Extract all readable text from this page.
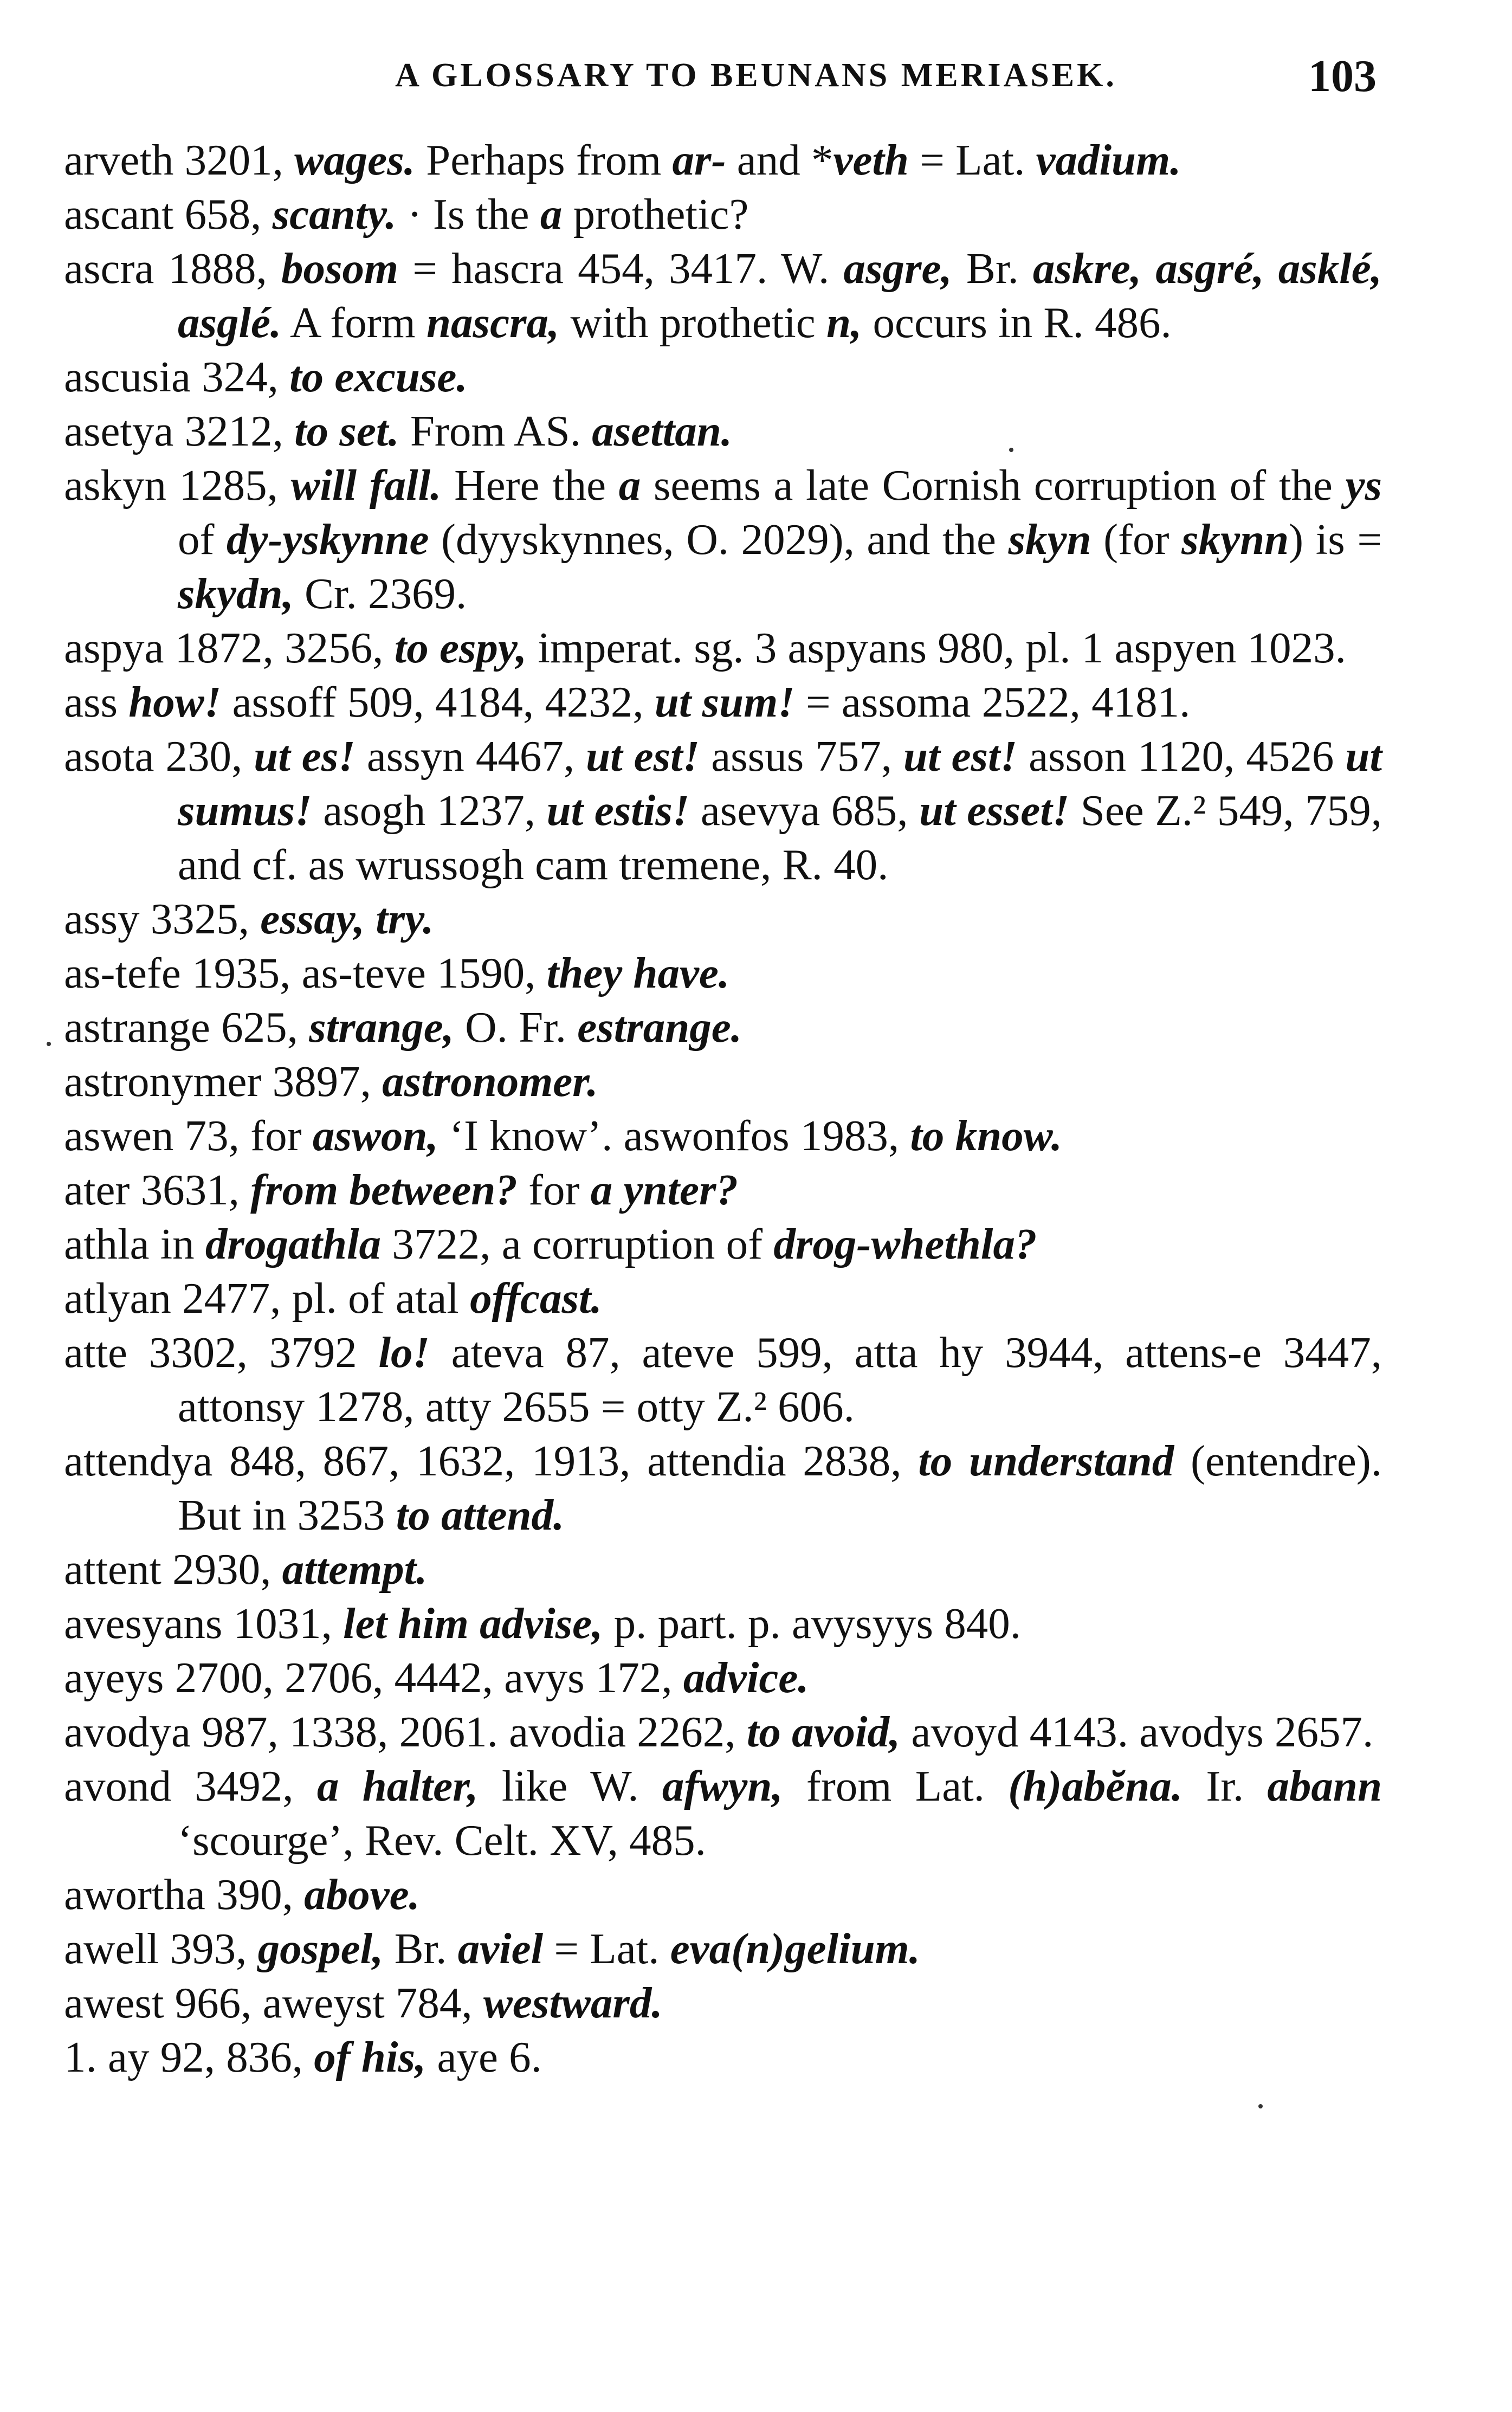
A GLOSSARY TO BEUNANS MERIASEK.	103

arveth 3201, wages. Perhaps from ar- and *veth = Lat. vadium.

ascant 658, scanty. · Is the a prothetic?

ascra 1888, bosom = hascra 454, 3417. W. asgre, Br. askre, asgré, asklé, asglé. A form nascra, with prothetic n, occurs in R. 486.

ascusia 324, to excuse.

asetya 3212, to set. From AS. asettan.

askyn 1285, will fall. Here the a seems a late Cornish corruption of the ys of dy-yskynne (dyyskynnes, O. 2029), and the skyn (for skynn) is = skydn, Cr. 2369.

aspya 1872, 3256, to espy, imperat. sg. 3 aspyans 980, pl. 1 aspyen 1023.

ass how! assoff 509, 4184, 4232, ut sum! = assoma 2522, 4181.

asota 230, ut es! assyn 4467, ut est! assus 757, ut est! asson 1120, 4526 ut sumus! asogh 1237, ut estis! asevya 685, ut esset! See Z.² 549, 759, and cf. as wrussogh cam tremene, R. 40.

assy 3325, essay, try.

as-tefe 1935, as-teve 1590, they have.

astrange 625, strange, O. Fr. estrange.

astronymer 3897, astronomer.

aswen 73, for aswon, ‘I know’. aswonfos 1983, to know.

ater 3631, from between? for a ynter?

athla in drogathla 3722, a corruption of drog-whethla?

atlyan 2477, pl. of atal offcast.

atte 3302, 3792 lo! ateva 87, ateve 599, atta hy 3944, attens-e 3447, attonsy 1278, atty 2655 = otty Z.² 606.

attendya 848, 867, 1632, 1913, attendia 2838, to understand (entendre). But in 3253 to attend.

attent 2930, attempt.

avesyans 1031, let him advise, p. part. p. avysyys 840.

ayeys 2700, 2706, 4442, avys 172, advice.

avodya 987, 1338, 2061. avodia 2262, to avoid, avoyd 4143. avodys 2657.

avond 3492, a halter, like W. afwyn, from Lat. (h)abĕna. Ir. abann ‘scourge’, Rev. Celt. XV, 485.

awortha 390, above.

awell 393, gospel, Br. aviel = Lat. eva(n)gelium.

awest 966, aweyst 784, westward.

1. ay 92, 836, of his, aye 6.
